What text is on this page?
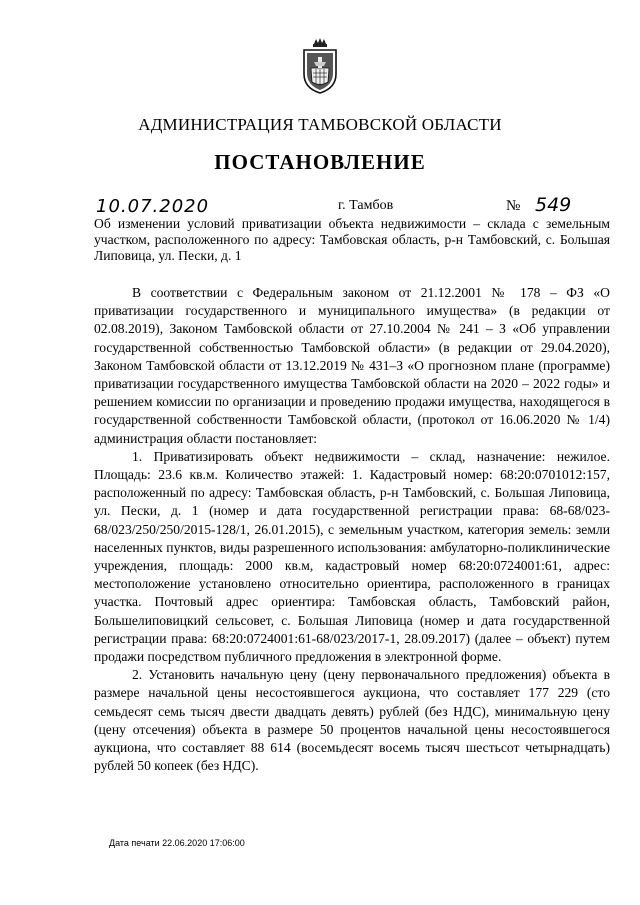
АДМИНИСТРАЦИЯ ТАМБОВСКОЙ ОБЛАСТИ
ПОСТАНОВЛЕНИЕ
10.07.2020	г. Тамбов	№ 549
Об изменении условий приватизации объекта недвижимости – склада с земельным участком, расположенного по адресу: Тамбовская область, р-н Тамбовский, с. Большая Липовица, ул. Пески, д. 1

В соответствии с Федеральным законом от 21.12.2001 № 178 – ФЗ «О приватизации государственного и муниципального имущества» (в редакции от 02.08.2019), Законом Тамбовской области от 27.10.2004 № 241 – З «Об управлении государственной собственностью Тамбовской области» (в редакции от 29.04.2020), Законом Тамбовской области от 13.12.2019 № 431–З «О прогнозном плане (программе) приватизации государственного имущества Тамбовской области на 2020 – 2022 годы» и решением комиссии по организации и проведению продажи имущества, находящегося в государственной собственности Тамбовской области, (протокол от 16.06.2020 № 1/4) администрация области постановляет:

1. Приватизировать объект недвижимости – склад, назначение: нежилое. Площадь: 23.6 кв.м. Количество этажей: 1. Кадастровый номер: 68:20:0701012:157, расположенный по адресу: Тамбовская область, р-н Тамбовский, с. Большая Липовица, ул. Пески, д. 1 (номер и дата государственной регистрации права: 68-68/023-68/023/250/250/2015-128/1, 26.01.2015), с земельным участком, категория земель: земли населенных пунктов, виды разрешенного использования: амбулаторно-поликлинические учреждения, площадь: 2000 кв.м, кадастровый номер 68:20:0724001:61, адрес: местоположение установлено относительно ориентира, расположенного в границах участка. Почтовый адрес ориентира: Тамбовская область, Тамбовский район, Большелиповицкий сельсовет, с. Большая Липовица (номер и дата государственной регистрации права: 68:20:0724001:61-68/023/2017-1, 28.09.2017) (далее – объект) путем продажи посредством публичного предложения в электронной форме.

2. Установить начальную цену (цену первоначального предложения) объекта в размере начальной цены несостоявшегося аукциона, что составляет 177 229 (сто семьдесят семь тысяч двести двадцать девять) рублей (без НДС), минимальную цену (цену отсечения) объекта в размере 50 процентов начальной цены несостоявшегося аукциона, что составляет 88 614 (восемьдесят восемь тысяч шестьсот четырнадцать) рублей 50 копеек (без НДС).

Дата печати 22.06.2020 17:06:00
